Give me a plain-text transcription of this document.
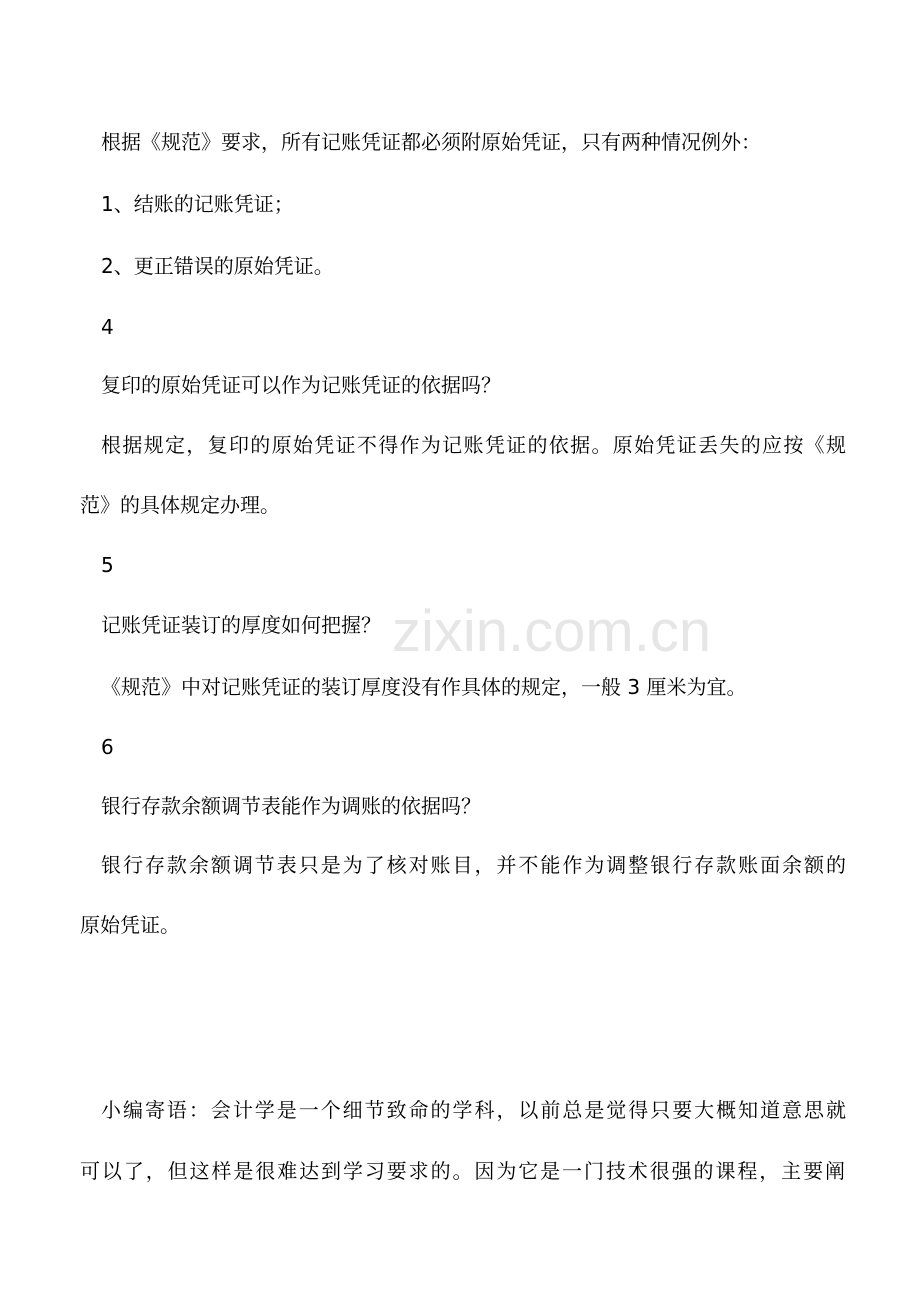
zixin.com.cn
根据《规范》要求，所有记账凭证都必须附原始凭证，只有两种情况例外：
1、结账的记账凭证；
2、更正错误的原始凭证。
4
复印的原始凭证可以作为记账凭证的依据吗？
根据规定，复印的原始凭证不得作为记账凭证的依据。原始凭证丢失的应按《规
范》的具体规定办理。
5
记账凭证装订的厚度如何把握？
《规范》中对记账凭证的装订厚度没有作具体的规定，一般 3 厘米为宜。
6
银行存款余额调节表能作为调账的依据吗？
银行存款余额调节表只是为了核对账目，并不能作为调整银行存款账面余额的
原始凭证。
小编寄语：会计学是一个细节致命的学科，以前总是觉得只要大概知道意思就
可以了，但这样是很难达到学习要求的。因为它是一门技术很强的课程，主要阐
